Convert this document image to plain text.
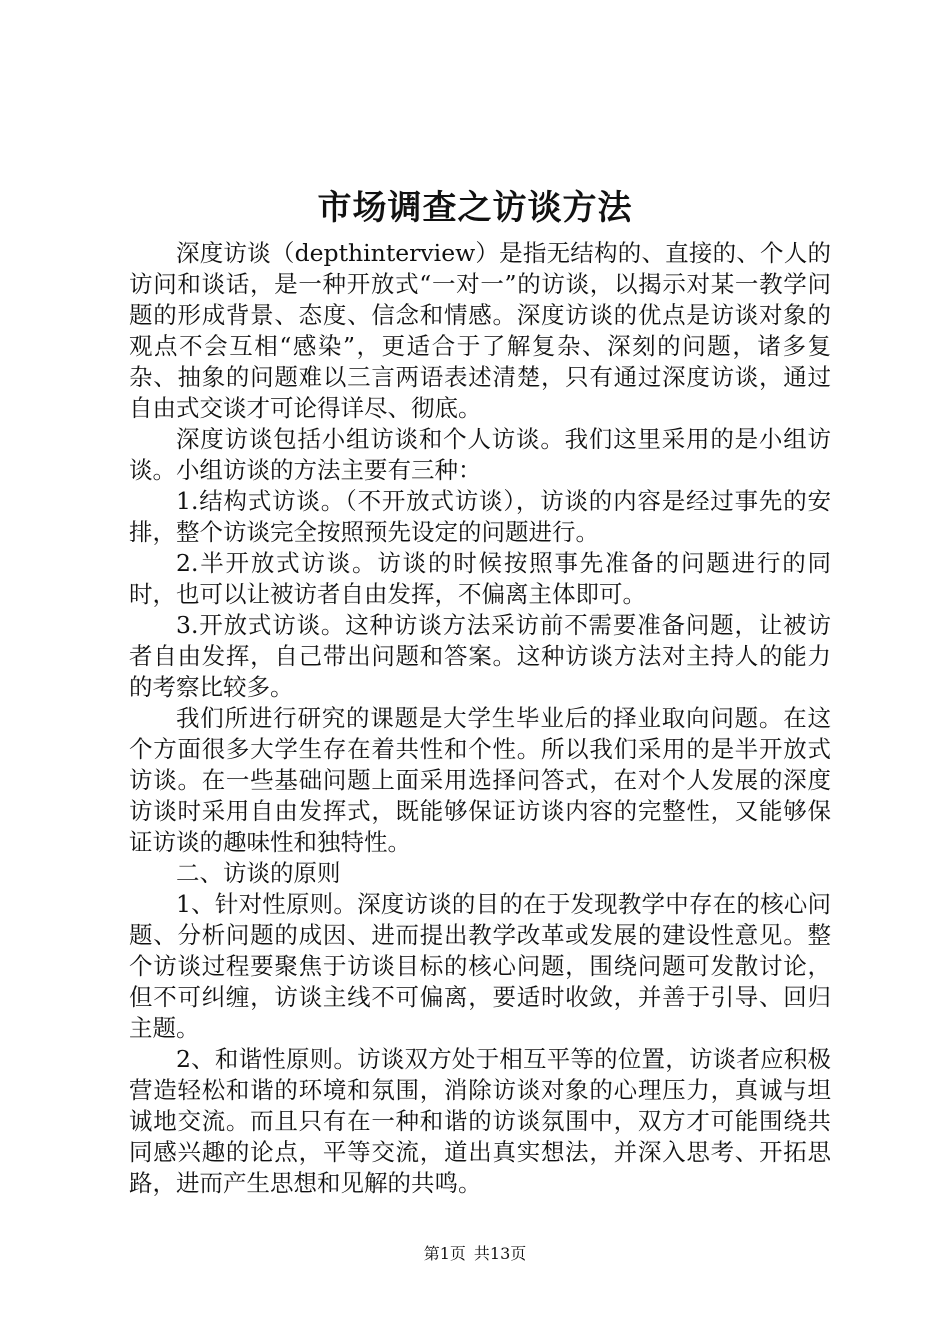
市场调查之访谈方法

深度访谈（depthinterview）是指无结构的、直接的、个人的访问和谈话，是一种开放式“一对一”的访谈，以揭示对某一教学问题的形成背景、态度、信念和情感。深度访谈的优点是访谈对象的观点不会互相“感染”，更适合于了解复杂、深刻的问题，诸多复杂、抽象的问题难以三言两语表述清楚，只有通过深度访谈，通过自由式交谈才可论得详尽、彻底。

深度访谈包括小组访谈和个人访谈。我们这里采用的是小组访谈。小组访谈的方法主要有三种：

1.结构式访谈。（不开放式访谈），访谈的内容是经过事先的安排，整个访谈完全按照预先设定的问题进行。

2.半开放式访谈。访谈的时候按照事先准备的问题进行的同时，也可以让被访者自由发挥，不偏离主体即可。

3.开放式访谈。这种访谈方法采访前不需要准备问题，让被访者自由发挥，自己带出问题和答案。这种访谈方法对主持人的能力的考察比较多。

我们所进行研究的课题是大学生毕业后的择业取向问题。在这个方面很多大学生存在着共性和个性。所以我们采用的是半开放式访谈。在一些基础问题上面采用选择问答式，在对个人发展的深度访谈时采用自由发挥式，既能够保证访谈内容的完整性，又能够保证访谈的趣味性和独特性。

二、访谈的原则

1、针对性原则。深度访谈的目的在于发现教学中存在的核心问题、分析问题的成因、进而提出教学改革或发展的建设性意见。整个访谈过程要聚焦于访谈目标的核心问题，围绕问题可发散讨论，但不可纠缠，访谈主线不可偏离，要适时收敛，并善于引导、回归主题。

2、和谐性原则。访谈双方处于相互平等的位置，访谈者应积极营造轻松和谐的环境和氛围，消除访谈对象的心理压力，真诚与坦诚地交流。而且只有在一种和谐的访谈氛围中，双方才可能围绕共同感兴趣的论点，平等交流，道出真实想法，并深入思考、开拓思路，进而产生思想和见解的共鸣。

第1页 共13页
